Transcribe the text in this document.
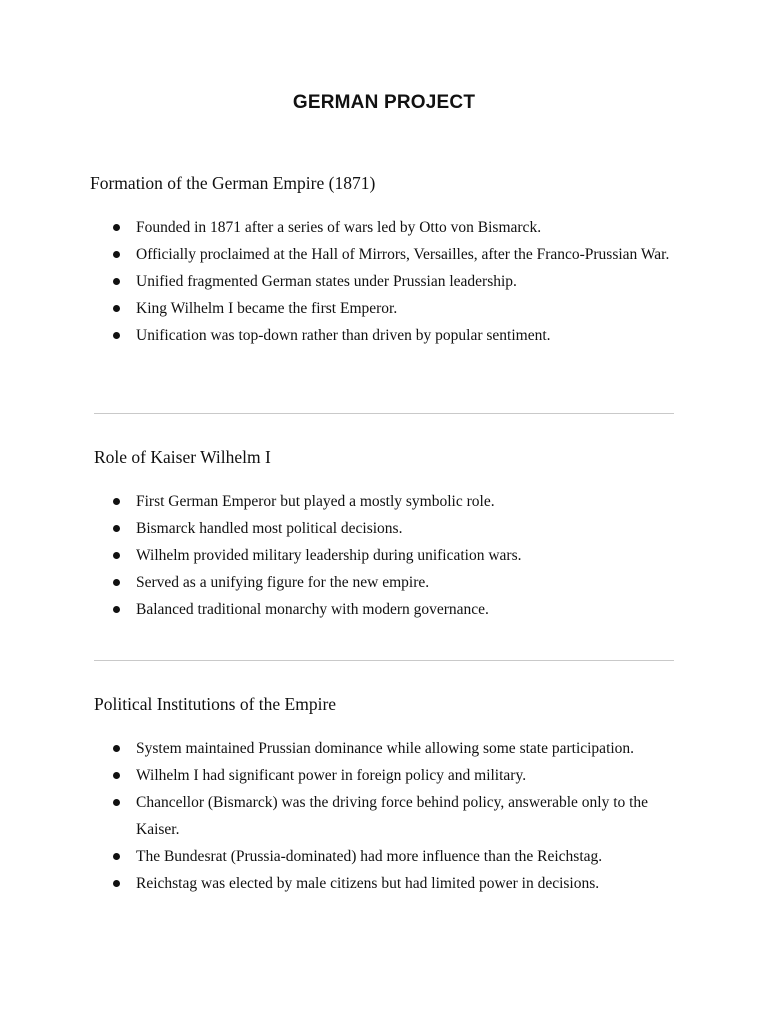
GERMAN PROJECT
Formation of the German Empire (1871)
Founded in 1871 after a series of wars led by Otto von Bismarck.
Officially proclaimed at the Hall of Mirrors, Versailles, after the Franco-Prussian War.
Unified fragmented German states under Prussian leadership.
King Wilhelm I became the first Emperor.
Unification was top-down rather than driven by popular sentiment.
Role of Kaiser Wilhelm I
First German Emperor but played a mostly symbolic role.
Bismarck handled most political decisions.
Wilhelm provided military leadership during unification wars.
Served as a unifying figure for the new empire.
Balanced traditional monarchy with modern governance.
Political Institutions of the Empire
System maintained Prussian dominance while allowing some state participation.
Wilhelm I had significant power in foreign policy and military.
Chancellor (Bismarck) was the driving force behind policy, answerable only to the Kaiser.
The Bundesrat (Prussia-dominated) had more influence than the Reichstag.
Reichstag was elected by male citizens but had limited power in decisions.
